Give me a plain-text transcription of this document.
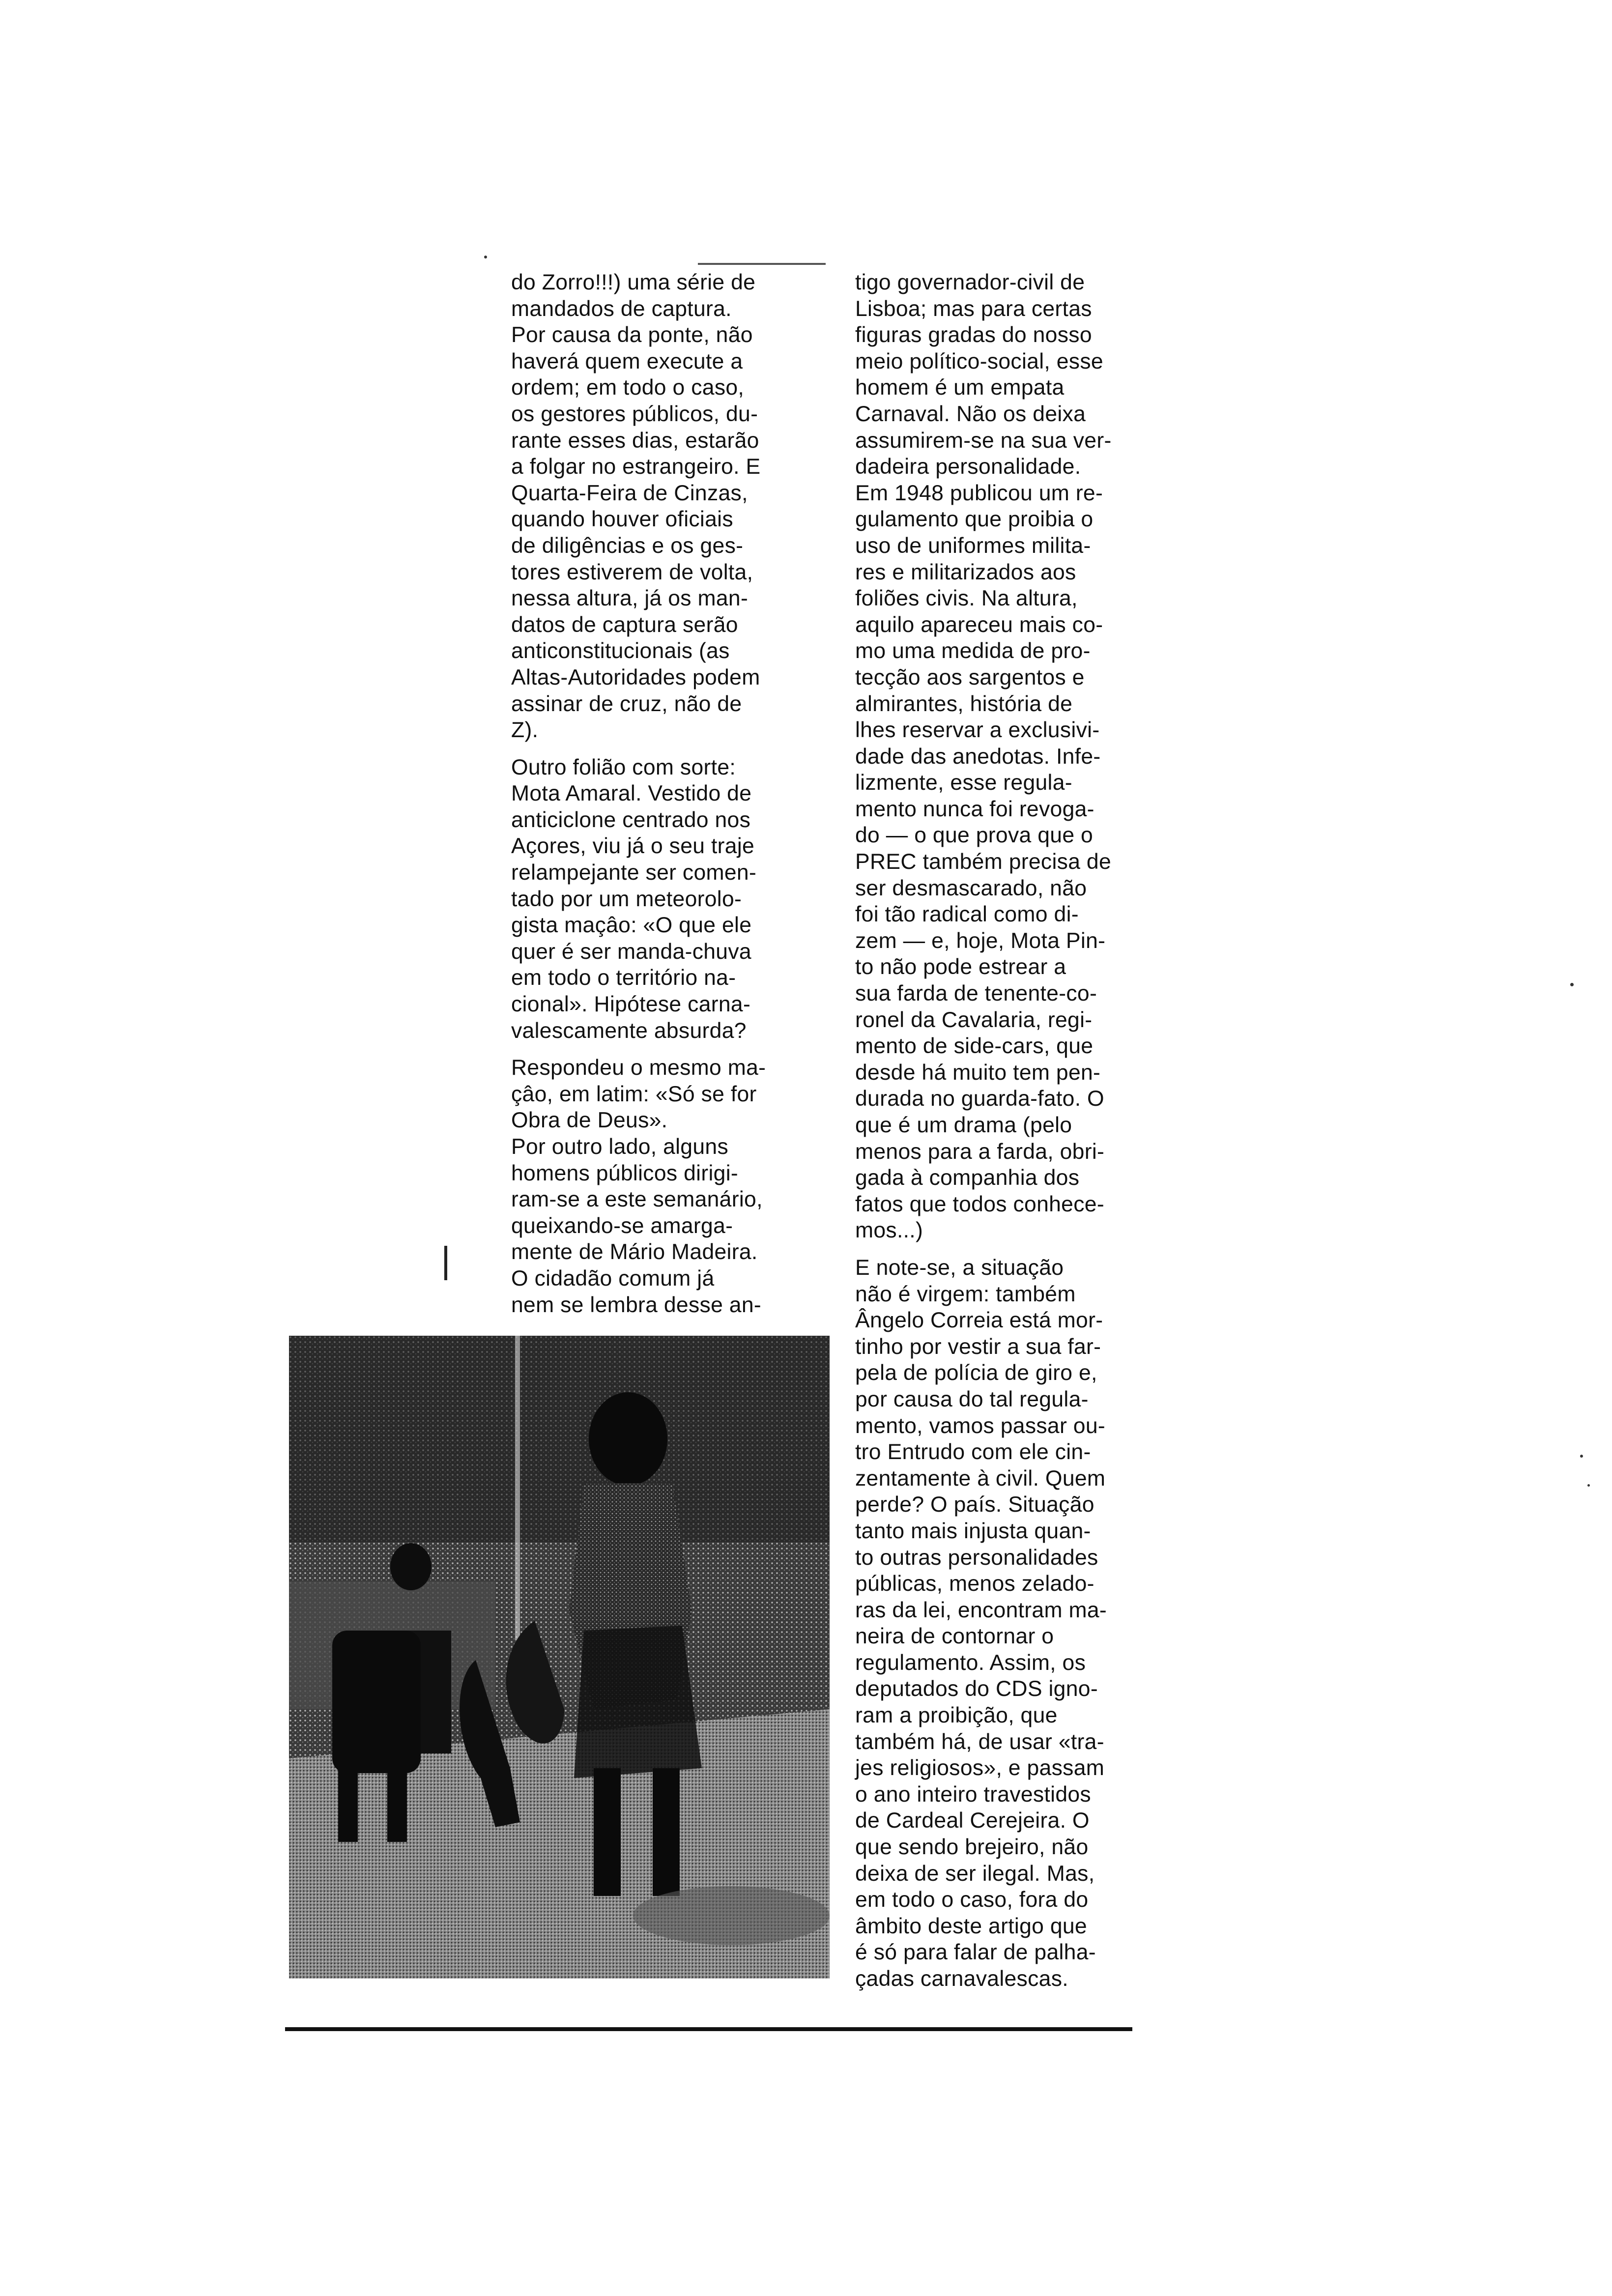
do Zorro!!!) uma série de
mandados de captura.
Por causa da ponte, não
haverá quem execute a
ordem; em todo o caso,
os gestores públicos, du-
rante esses dias, estarão
a folgar no estrangeiro. E
Quarta-Feira de Cinzas,
quando houver oficiais
de diligências e os ges-
tores estiverem de volta,
nessa altura, já os man-
datos de captura serão
anticonstitucionais (as
Altas-Autoridades podem
assinar de cruz, não de
Z).
Outro folião com sorte:
Mota Amaral. Vestido de
anticiclone centrado nos
Açores, viu já o seu traje
relampejante ser comen-
tado por um meteorolo-
gista maçâo: «O que ele
quer é ser manda-chuva
em todo o território na-
cional». Hipótese carna-
valescamente absurda?
Respondeu o mesmo ma-
çâo, em latim: «Só se for
Obra de Deus».
Por outro lado, alguns
homens públicos dirigi-
ram-se a este semanário,
queixando-se amarga-
mente de Mário Madeira.
O cidadão comum já
nem se lembra desse an-
tigo governador-civil de
Lisboa; mas para certas
figuras gradas do nosso
meio político-social, esse
homem é um empata
Carnaval. Não os deixa
assumirem-se na sua ver-
dadeira personalidade.
Em 1948 publicou um re-
gulamento que proibia o
uso de uniformes milita-
res e militarizados aos
foliões civis. Na altura,
aquilo apareceu mais co-
mo uma medida de pro-
tecção aos sargentos e
almirantes, história de
lhes reservar a exclusivi-
dade das anedotas. Infe-
lizmente, esse regula-
mento nunca foi revoga-
do — o que prova que o
PREC também precisa de
ser desmascarado, não
foi tão radical como di-
zem — e, hoje, Mota Pin-
to não pode estrear a
sua farda de tenente-co-
ronel da Cavalaria, regi-
mento de side-cars, que
desde há muito tem pen-
durada no guarda-fato. O
que é um drama (pelo
menos para a farda, obri-
gada à companhia dos
fatos que todos conhece-
mos...)
E note-se, a situação
não é virgem: também
Ângelo Correia está mor-
tinho por vestir a sua far-
pela de polícia de giro e,
por causa do tal regula-
mento, vamos passar ou-
tro Entrudo com ele cin-
zentamente à civil. Quem
perde? O país. Situação
tanto mais injusta quan-
to outras personalidades
públicas, menos zelado-
ras da lei, encontram ma-
neira de contornar o
regulamento. Assim, os
deputados do CDS igno-
ram a proibição, que
também há, de usar «tra-
jes religiosos», e passam
o ano inteiro travestidos
de Cardeal Cerejeira. O
que sendo brejeiro, não
deixa de ser ilegal. Mas,
em todo o caso, fora do
âmbito deste artigo que
é só para falar de palha-
çadas carnavalescas.
